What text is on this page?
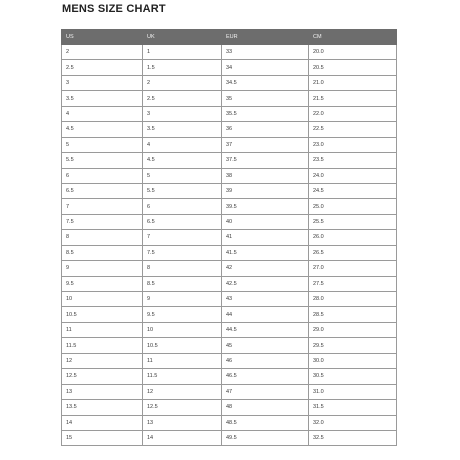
MENS SIZE CHART
US	UK	EUR	CM
2	1	33	20.0
2.5	1.5	34	20.5
3	2	34.5	21.0
3.5	2.5	35	21.5
4	3	35.5	22.0
4.5	3.5	36	22.5
5	4	37	23.0
5.5	4.5	37.5	23.5
6	5	38	24.0
6.5	5.5	39	24.5
7	6	39.5	25.0
7.5	6.5	40	25.5
8	7	41	26.0
8.5	7.5	41.5	26.5
9	8	42	27.0
9.5	8.5	42.5	27.5
10	9	43	28.0
10.5	9.5	44	28.5
11	10	44.5	29.0
11.5	10.5	45	29.5
12	11	46	30.0
12.5	11.5	46.5	30.5
13	12	47	31.0
13.5	12.5	48	31.5
14	13	48.5	32.0
15	14	49.5	32.5
